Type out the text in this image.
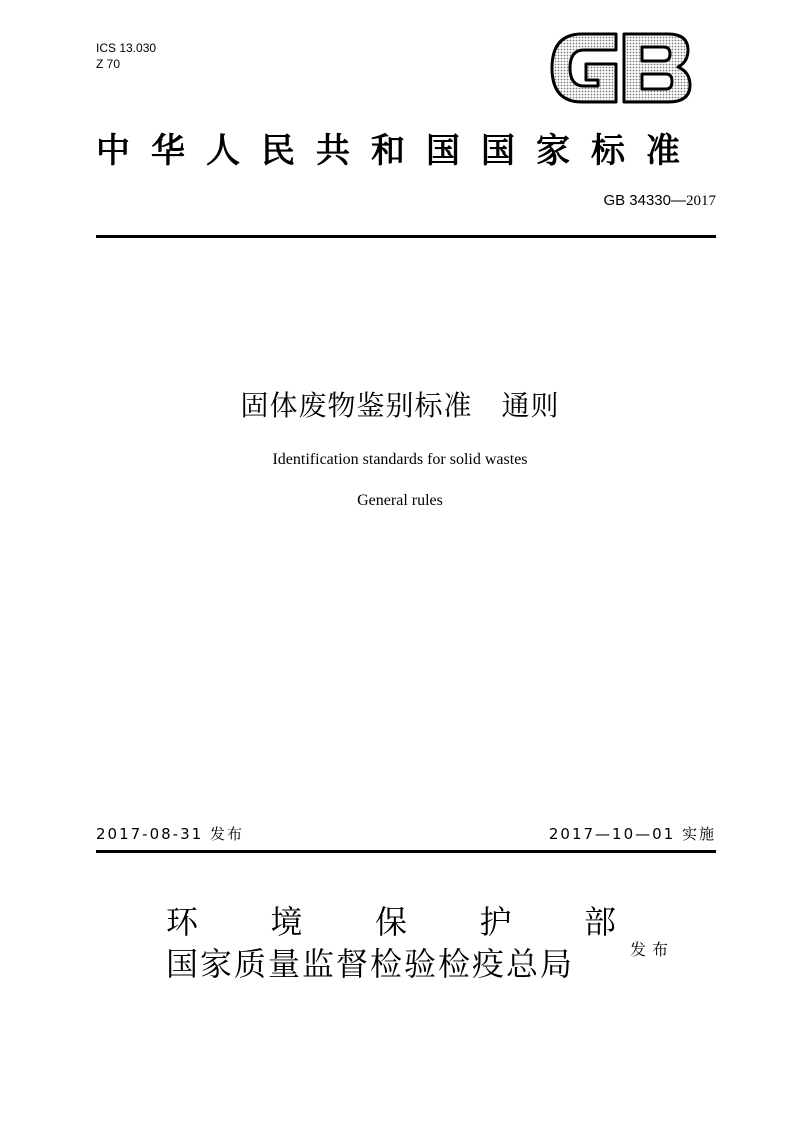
ICS 13.030
Z 70
中华人民共和国国家标准
GB 34330—2017
固体废物鉴别标准　通则
Identification standards for solid wastes
General rules
2017-08-31 发布	2017—10—01 实施
环 境 保 护 部
国家质量监督检验检疫总局	发布
